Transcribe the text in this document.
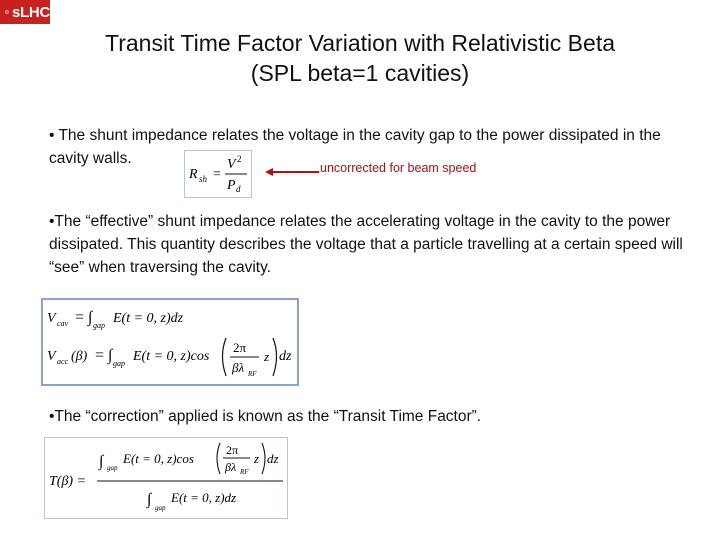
sLHC
Transit Time Factor Variation with Relativistic Beta
(SPL beta=1 cavities)
• The shunt impedance relates the voltage in the cavity gap to the power dissipated in the cavity walls.
R sh =
V 2
P d
uncorrected for beam speed
•The “effective” shunt impedance relates the accelerating voltage in the cavity to the power dissipated. This quantity describes the voltage that a particle travelling at a certain speed will “see” when traversing the cavity.
V cav = ∫ gap E(t = 0, z)dz
V acc (β) = ∫ gap E(t = 0, z)cos
2π
βλ RF
z dz
•The “correction” applied is known as the “Transit Time Factor”.
T(β) =
∫ gap
E(t = 0, z)cos
2π
βλ RF
z dz
∫ gap
E(t = 0, z)dz
